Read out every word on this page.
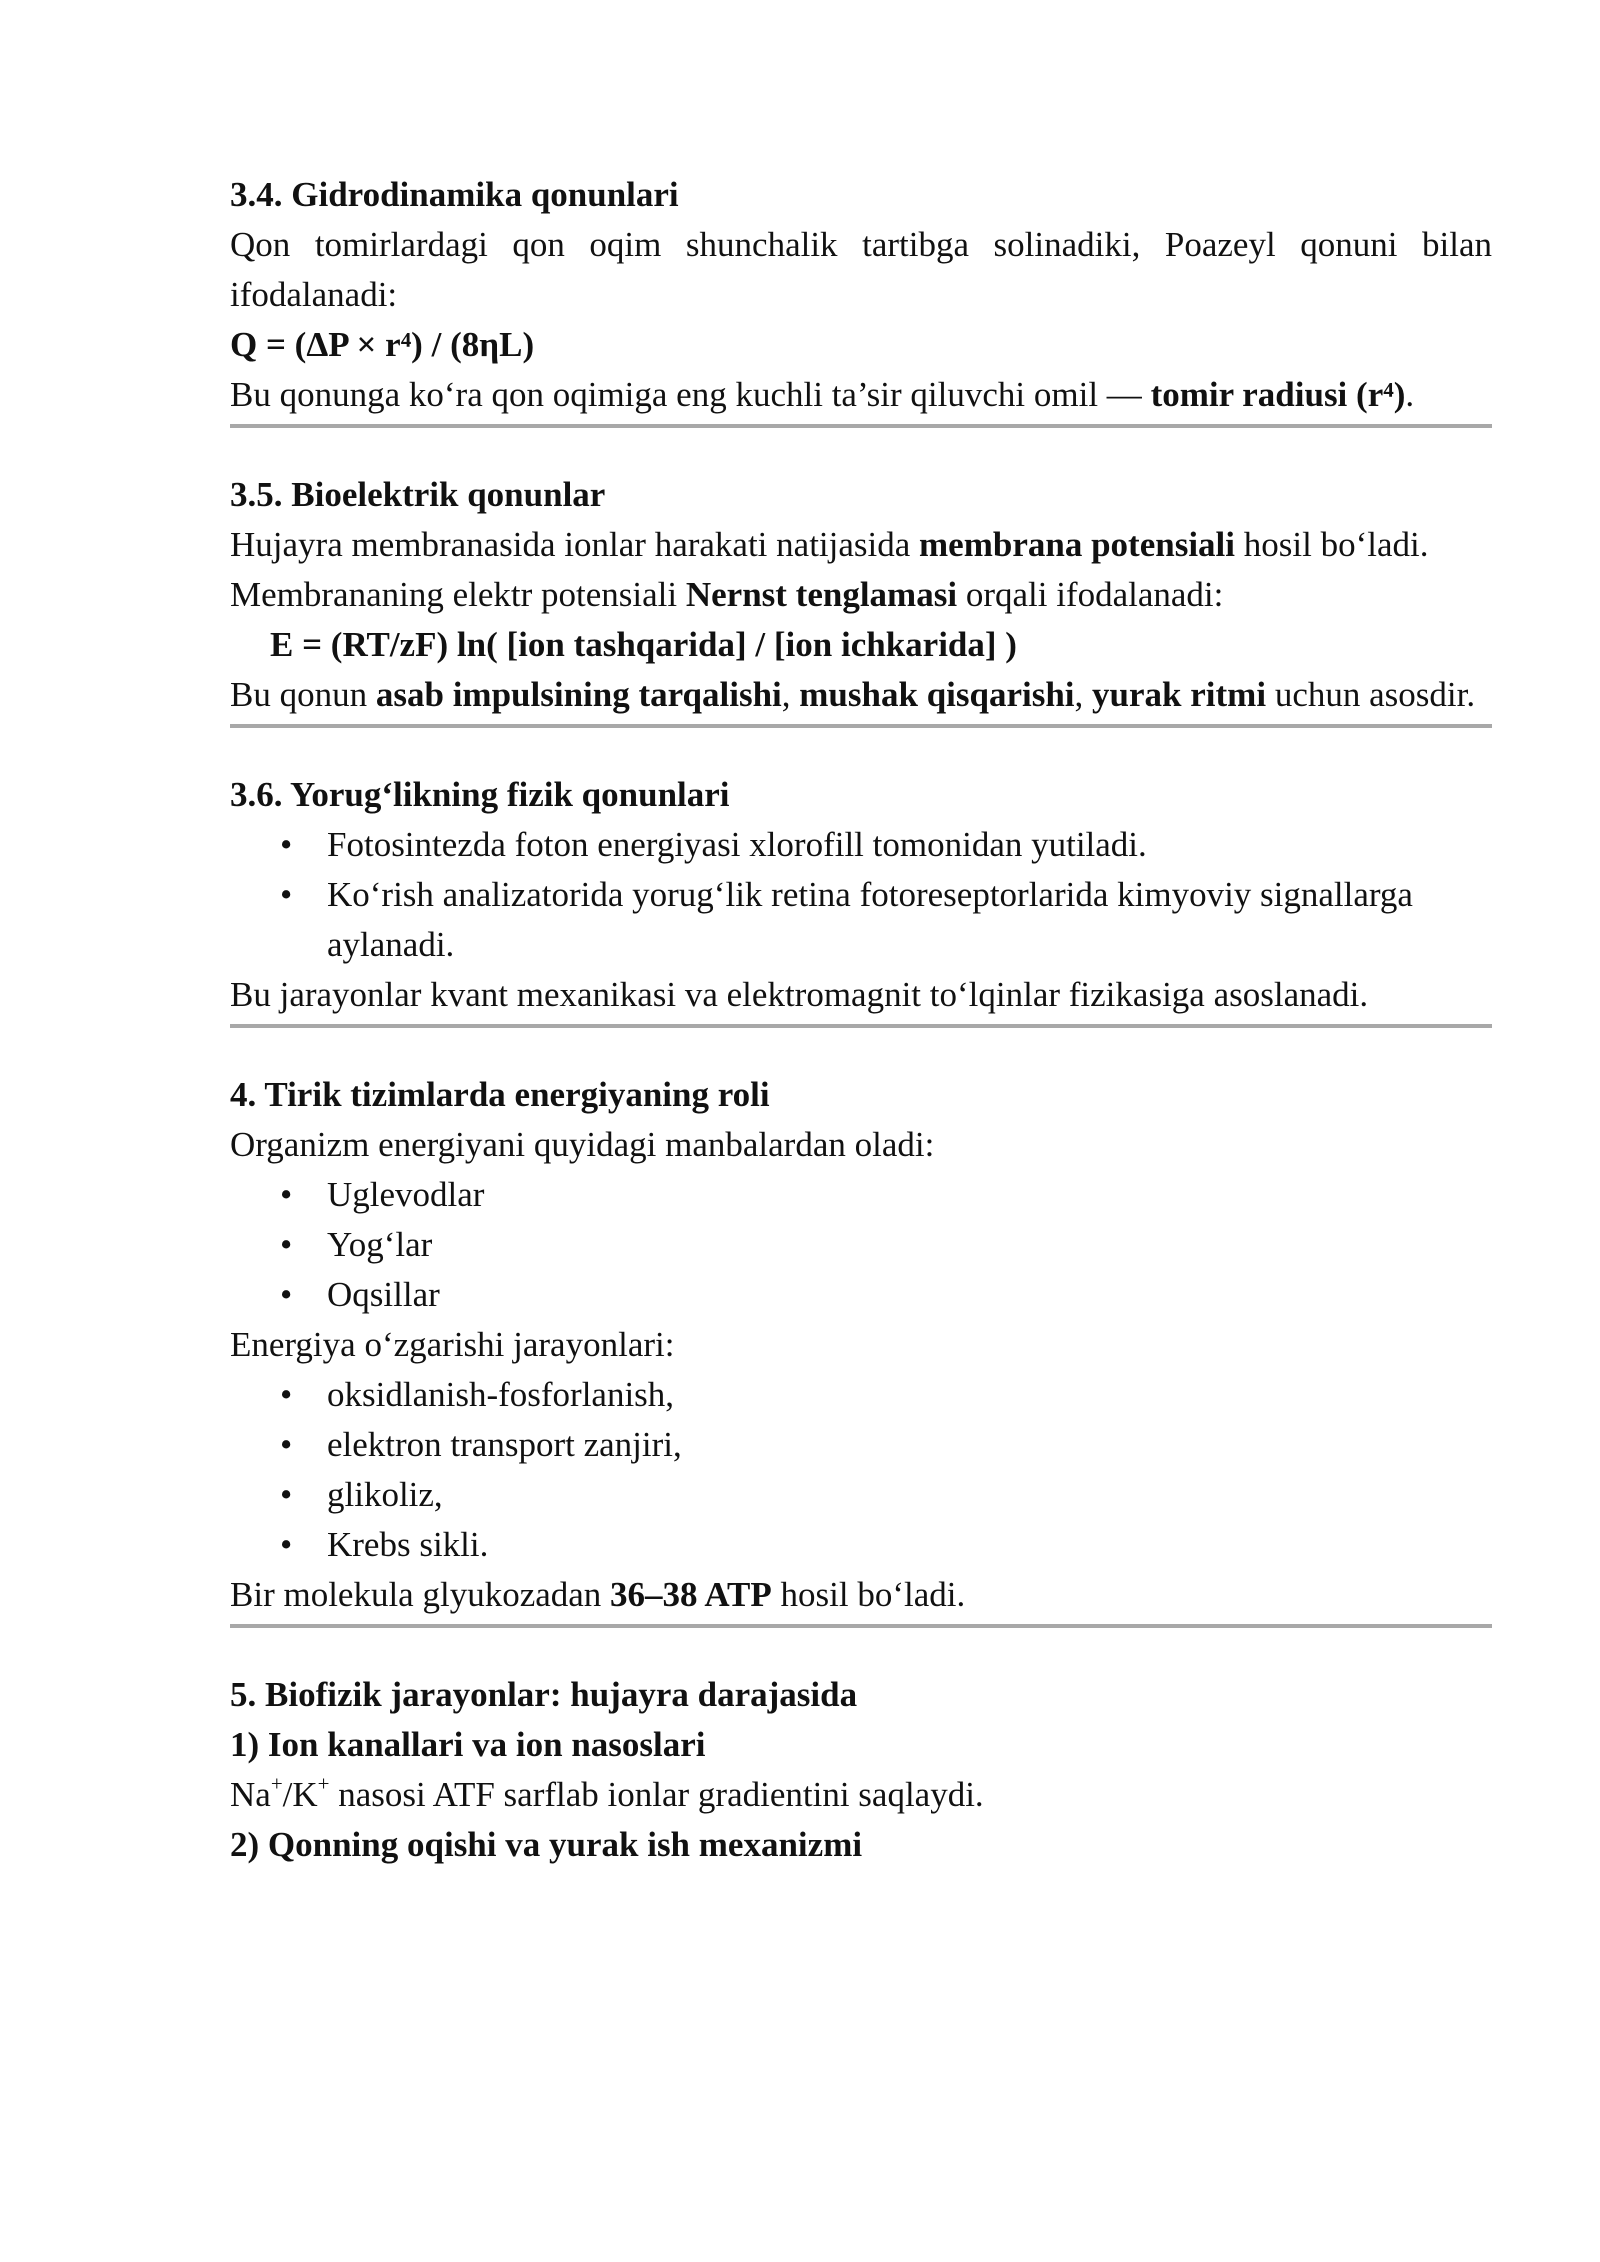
3.4. Gidrodinamika qonunlari

Qon tomirlardagi qon oqim shunchalik tartibga solinadiki, Poazeyl qonuni bilan ifodalanadi:

Q = (ΔP × r⁴) / (8ηL)

Bu qonunga ko‘ra qon oqimiga eng kuchli ta’sir qiluvchi omil — tomir radiusi (r⁴).

3.5. Bioelektrik qonunlar

Hujayra membranasida ionlar harakati natijasida membrana potensiali hosil bo‘ladi.

Membrananing elektr potensiali Nernst tenglamasi orqali ifodalanadi:

E = (RT/zF) ln( [ion tashqarida] / [ion ichkarida] )

Bu qonun asab impulsining tarqalishi, mushak qisqarishi, yurak ritmi uchun asosdir.

3.6. Yorug‘likning fizik qonunlari

• Fotosintezda foton energiyasi xlorofill tomonidan yutiladi.
• Ko‘rish analizatorida yorug‘lik retina fotoreseptorlarida kimyoviy signallarga aylanadi.

Bu jarayonlar kvant mexanikasi va elektromagnit to‘lqinlar fizikasiga asoslanadi.

4. Tirik tizimlarda energiyaning roli

Organizm energiyani quyidagi manbalardan oladi:

• Uglevodlar
• Yog‘lar
• Oqsillar

Energiya o‘zgarishi jarayonlari:

• oksidlanish-fosforlanish,
• elektron transport zanjiri,
• glikoliz,
• Krebs sikli.

Bir molekula glyukozadan 36–38 ATP hosil bo‘ladi.

5. Biofizik jarayonlar: hujayra darajasida

1) Ion kanallari va ion nasoslari

Na+/K+ nasosi ATF sarflab ionlar gradientini saqlaydi.

2) Qonning oqishi va yurak ish mexanizmi
